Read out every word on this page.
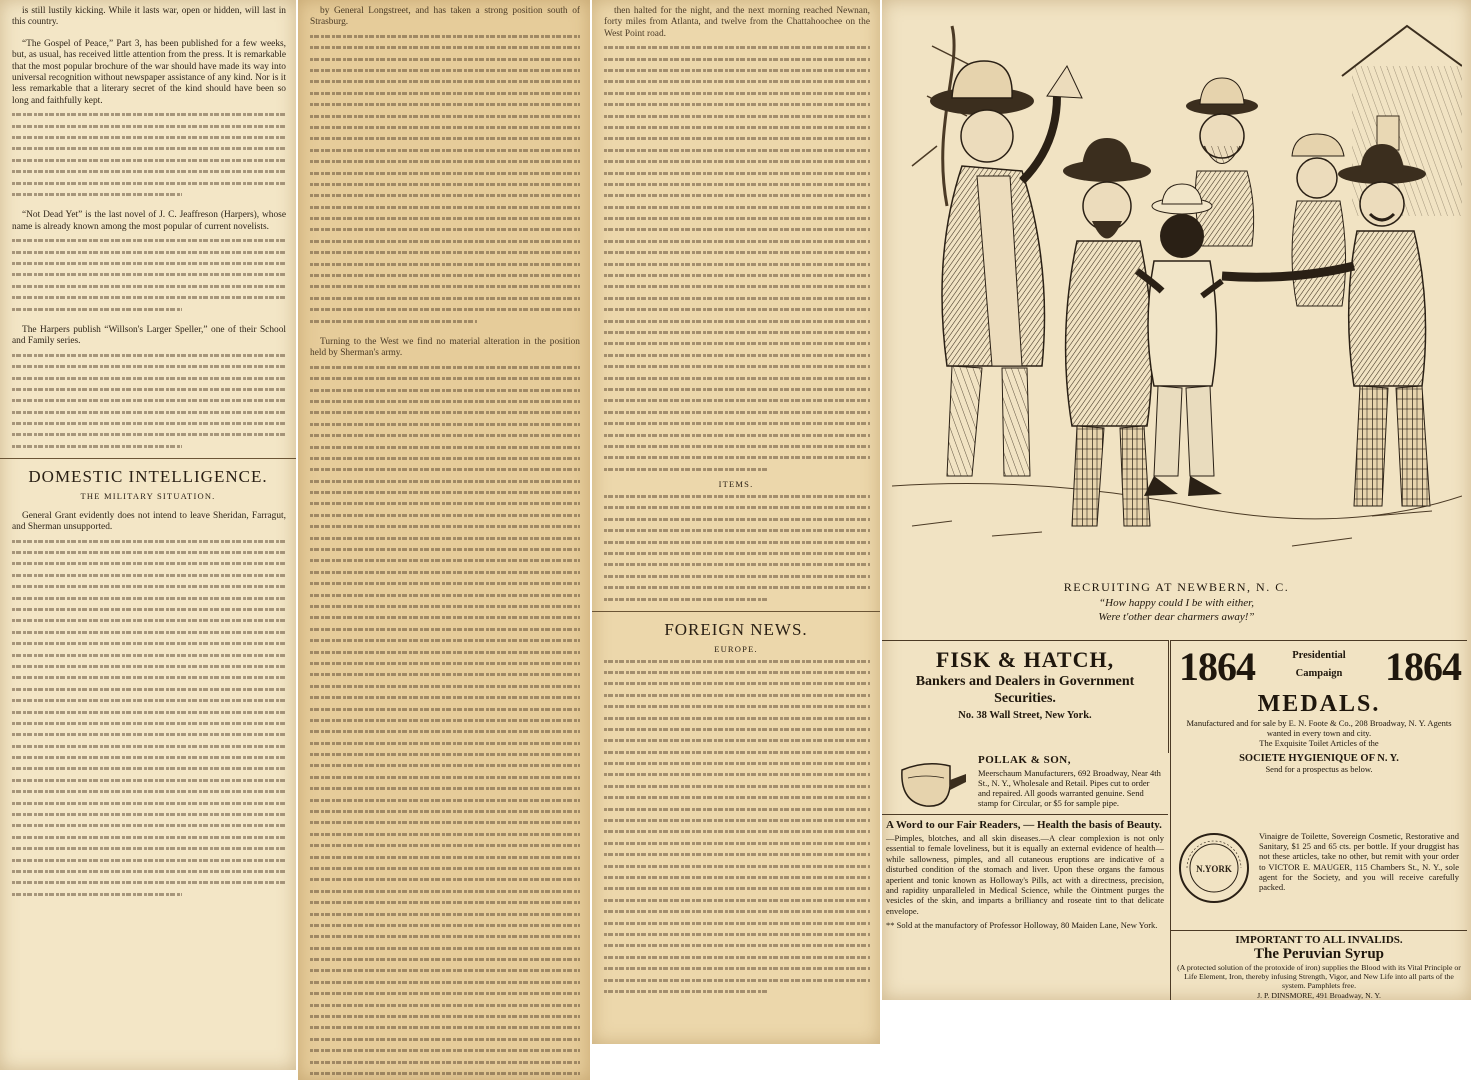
is still lustily kicking. While it lasts war, open or hidden, will last in this country.

“The Gospel of Peace,” Part 3, has been published for a few weeks, but, as usual, has received little attention from the press. It is remarkable that the most popular brochure of the war should have made its way into universal recognition without newspaper assistance of any kind. Nor is it less remarkable that a literary secret of the kind should have been so long and faithfully kept.

“Not Dead Yet” is the last novel of J. C. Jeaffreson (Harpers), whose name is already known among the most popular of current novelists.

The Harpers publish “Willson's Larger Speller,” one of their School and Family series.

DOMESTIC INTELLIGENCE.
THE MILITARY SITUATION.

General Grant evidently does not intend to leave Sheridan, Farragut, and Sherman unsupported.

by General Longstreet, and has taken a strong position south of Strasburg.

Turning to the West we find no material alteration in the position held by Sherman's army.

then halted for the night, and the next morning reached Newnan, forty miles from Atlanta, and twelve from the Chattahoochee on the West Point road.

ITEMS.
FOREIGN NEWS.
EUROPE.
RECRUITING AT NEWBERN, N. C.
“How happy could I be with either,
Were t'other dear charmers away!”
FISK & HATCH,
Bankers and Dealers in Government
Securities.
No. 38 Wall Street, New York.
POLLAK & SON,
Meerschaum Manufacturers, 692 Broadway, Near 4th St., N. Y., Wholesale and Retail. Pipes cut to order and repaired. All goods warranted genuine. Send stamp for Circular, or $5 for sample pipe.
A Word to our Fair Readers, — Health the basis of Beauty.
—Pimples, blotches, and all skin diseases.—A clear complexion is not only essential to female loveliness, but it is equally an external evidence of health—while sallowness, pimples, and all cutaneous eruptions are indicative of a disturbed condition of the stomach and liver. Upon these organs the famous aperient and tonic known as Holloway's Pills, act with a directness, precision, and rapidity unparalleled in Medical Science, while the Ointment purges the vesicles of the skin, and imparts a brilliancy and roseate tint to that delicate envelope.
** Sold at the manufactory of Professor Holloway, 80 Maiden Lane, New York.
1864	Presidential
Campaign	1864
MEDALS.
Manufactured and for sale by E. N. Foote & Co., 208 Broadway, N. Y. Agents wanted in every town and city.
The Exquisite Toilet Articles of the
SOCIETE HYGIENIQUE OF N. Y.
Send for a prospectus as below.
N.YORK
Vinaigre de Toilette, Sovereign Cosmetic, Restorative and Sanitary, $1 25 and 65 cts. per bottle. If your druggist has not these articles, take no other, but remit with your order to VICTOR E. MAUGER, 115 Chambers St., N. Y., sole agent for the Society, and you will receive carefully packed.
IMPORTANT TO ALL INVALIDS.
The Peruvian Syrup
(A protected solution of the protoxide of iron) supplies the Blood with its Vital Principle or Life Element, Iron, thereby infusing Strength, Vigor, and New Life into all parts of the system. Pamphlets free.
J. P. DINSMORE, 491 Broadway, N. Y.
